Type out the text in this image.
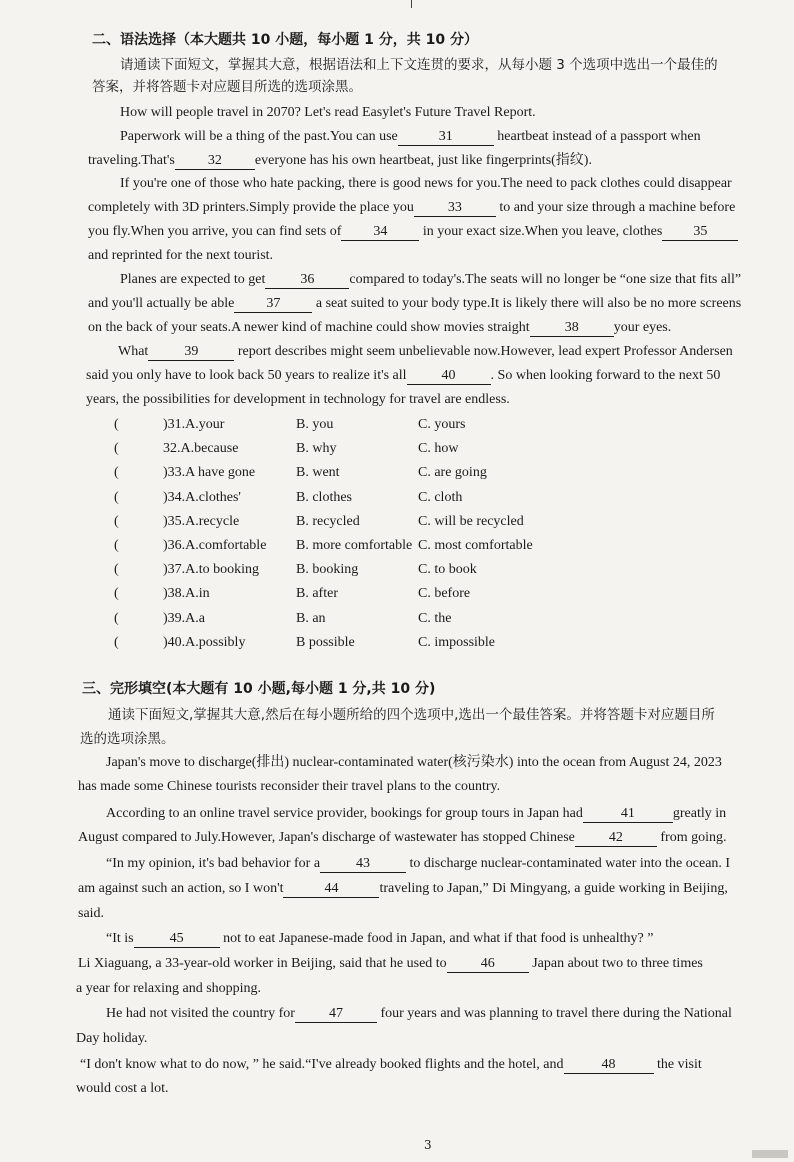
二、语法选择（本大题共 10 小题，每小题 1 分，共 10 分）
请通读下面短文，掌握其大意，根据语法和上下文连贯的要求，从每小题 3 个选项中选出一个最佳的
答案，并将答题卡对应题目所选的选项涂黑。
How will people travel in 2070? Let's read Easylet's Future Travel Report.
Paperwork will be a thing of the past.You can use	31	heartbeat instead of a passport when
traveling.That's 32 everyone has his own heartbeat, just like fingerprints(指纹).
If you're one of those who hate packing, there is good news for you.The need to pack clothes could disappear
completely with 3D printers.Simply provide the place you 33	to and your size through a machine before
you fly.When you arrive, you can find sets of 34	in your exact size.When you leave, clothes 35
and reprinted for the next tourist.
Planes are expected to get	36	compared to today's.The seats will no longer be “one size that fits all”
and you'll actually be able 37	a seat suited to your body type.It is likely there will also be no more screens
on the back of your seats.A newer kind of machine could show movies straight	38	your eyes.
What	39	report describes might seem unbelievable now.However, lead expert Professor Andersen
said you only have to look back 50 years to realize it's all	40	. So when looking forward to the next 50
years, the possibilities for development in technology for travel are endless.
(	)31.A.your	B. you	C. yours
(	32.A.because	B. why	C. how
(	)33.A have gone	B. went	C. are going
(	)34.A.clothes'	B. clothes	C. cloth
(	)35.A.recycle	B. recycled	C. will be recycled
(	)36.A.comfortable B. more comfortable C. most comfortable
(	)37.A.to booking	B. booking	C. to book
(	)38.A.in	B. after	C. before
(	)39.A.a	B. an	C. the
(	)40.A.possibly	B possible	C. impossible
三、完形填空(本大题有 10 小题,每小题 1 分,共 10 分)
通读下面短文,掌握其大意,然后在每小题所给的四个选项中,选出一个最佳答案。并将答题卡对应题目所
选的选项涂黑。
Japan's move to discharge(排出) nuclear-contaminated water(核污染水) into the ocean from August 24, 2023
has made some Chinese tourists reconsider their travel plans to the country.
According to an online travel service provider, bookings for group tours in Japan had	41	greatly in
August compared to July.However, Japan's discharge of wastewater has stopped Chinese 42	from going.
“In my opinion, it's bad behavior for a	43	to discharge nuclear-contaminated water into the ocean. I
am against such an action, so I won't	44	traveling to Japan,” Di Mingyang, a guide working in Beijing,
said.
“It is	45	not to eat Japanese-made food in Japan, and what if that food is unhealthy? ”
Li Xiaguang, a 33-year-old worker in Beijing, said that he used to 46	Japan about two to three times
a year for relaxing and shopping.
He had not visited the country for 47	four years and was planning to travel there during the National
Day holiday.
“I don't know what to do now, ” he said.“I've already booked flights and the hotel, and	48	the visit
would cost a lot.
3
